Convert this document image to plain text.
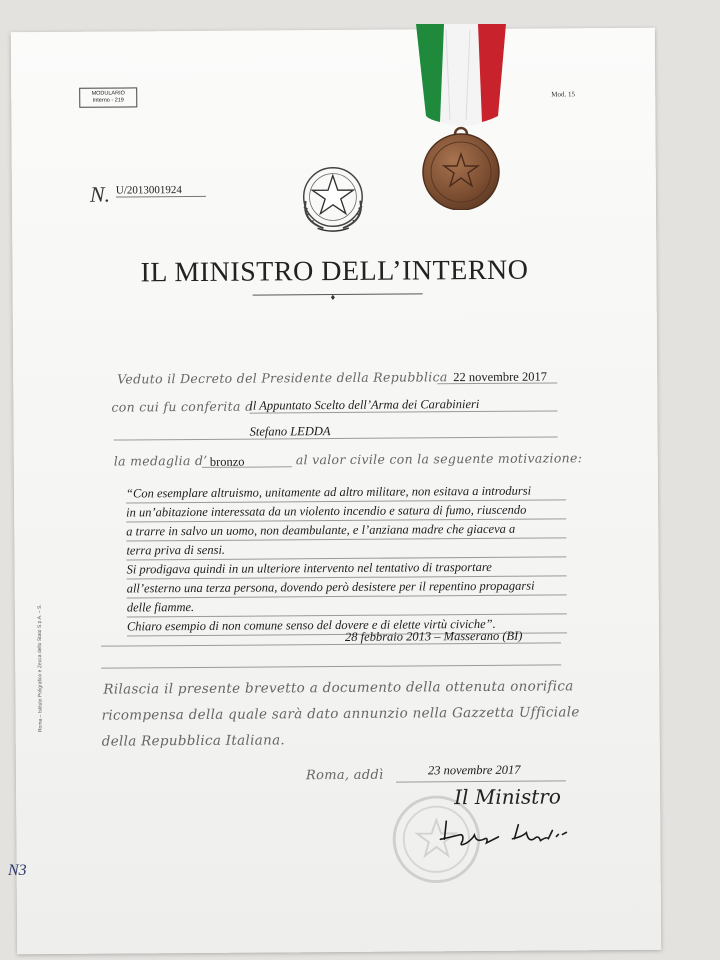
MODULARIO
Interno - 219
Mod. 15
N. U/2013001924
IL MINISTRO DELL’INTERNO
♦
Veduto il Decreto del Presidente della Repubblica 22 novembre 2017
con cui fu conferita a
ll Appuntato Scelto dell’Arma dei Carabinieri
Stefano LEDDA
la medaglia d’ bronzo	al valor civile con la seguente motivazione:
“Con esemplare altruismo, unitamente ad altro militare, non esitava a introdursi
in un’abitazione interessata da un violento incendio e satura di fumo, riuscendo
a trarre in salvo un uomo, non deambulante, e l’anziana madre che giaceva a
terra priva di sensi.
Si prodigava quindi in un ulteriore intervento nel tentativo di trasportare
all’esterno una terza persona, dovendo però desistere per il repentino propagarsi
delle fiamme.
Chiaro esempio di non comune senso del dovere e di elette virtù civiche”.
28 febbraio 2013 – Masserano (BI)
Rilascia il presente brevetto a documento della ottenuta onorifica
ricompensa della quale sarà dato annunzio nella Gazzetta Ufficiale
della Repubblica Italiana.
Roma, addì	23 novembre 2017
Il Ministro
Roma – Istituto Poligrafico e Zecca dello Stato S.p.A. – S.
N3
